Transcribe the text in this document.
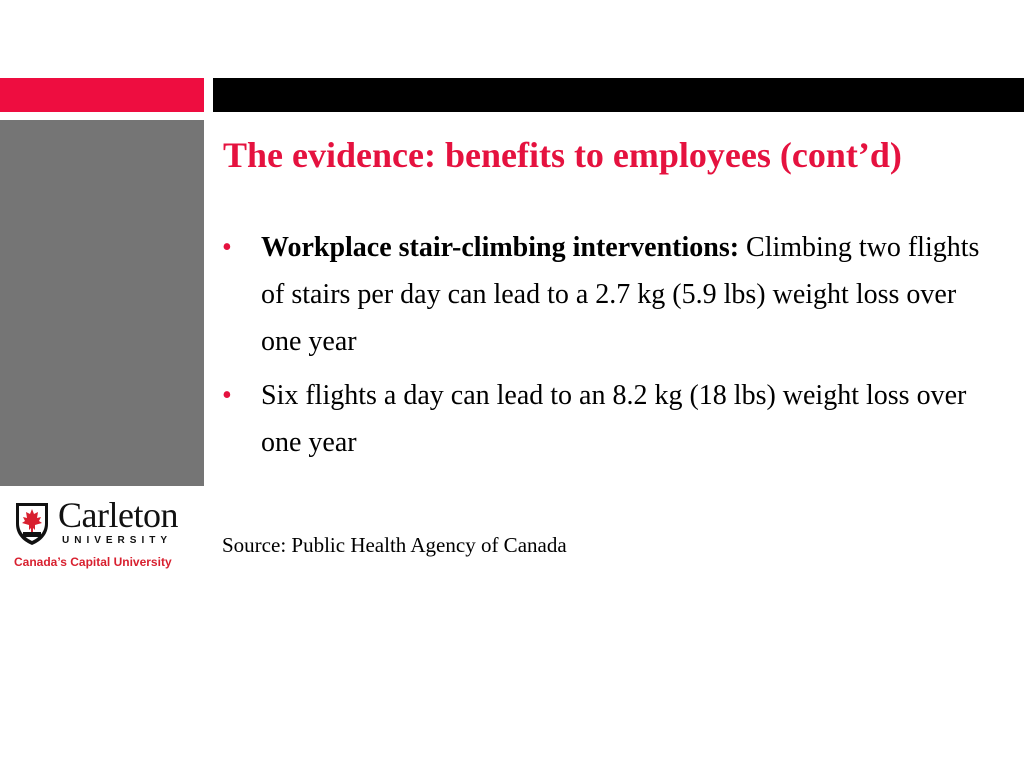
The evidence: benefits to employees (cont’d)
• Workplace stair-climbing interventions: Climbing two flights of stairs per day can lead to a 2.7 kg (5.9 lbs) weight loss over one year
• Six flights a day can lead to an 8.2 kg (18 lbs) weight loss over one year
Source: Public Health Agency of Canada
Carleton
UNIVERSITY
Canada’s Capital University
